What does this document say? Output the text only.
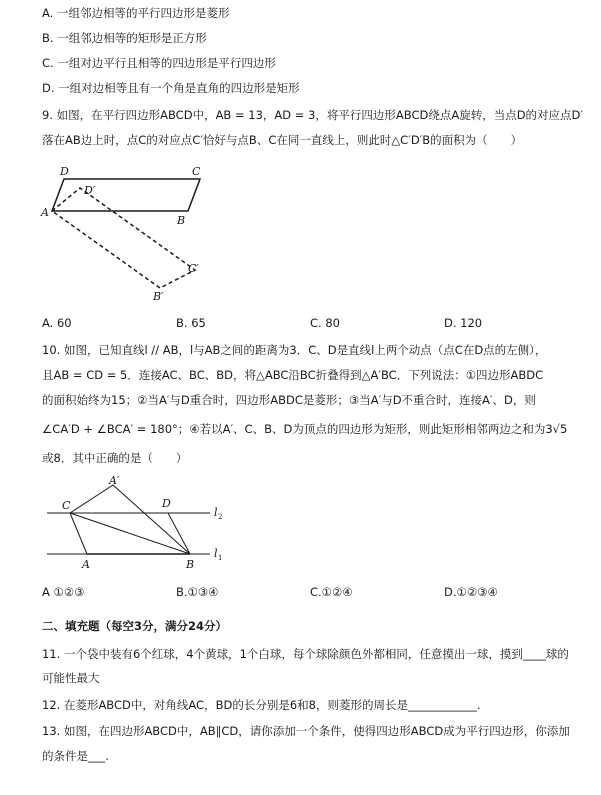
A. 一组邻边相等的平行四边形是菱形
B. 一组邻边相等的矩形是正方形
C. 一组对边平行且相等的四边形是平行四边形
D. 一组对边相等且有一个角是直角的四边形是矩形
9. 如图，在平行四边形ABCD中，AB = 13，AD = 3，将平行四边形ABCD绕点A旋转，当点D的对应点D′
落在AB边上时，点C的对应点C′恰好与点B、C在同一直线上，则此时△C′D′B的面积为（　　）
D	C
D′
A
B
C′
B′
A. 60	B. 65	C. 80	D. 120
10. 如图，已知直线l // AB，l与AB之间的距离为3．C、D是直线l上两个动点（点C在D点的左侧），
且AB = CD = 5．连接AC、BC、BD，将△ABC沿BC折叠得到△A′BC．下列说法：①四边形ABDC
的面积始终为15；②当A′与D重合时，四边形ABDC是菱形；③当A′与D不重合时，连接A′、D，则
∠CA′D + ∠BCA′ = 180°；④若以A′、C、B、D为顶点的四边形为矩形，则此矩形相邻两边之和为3√5
或8．其中正确的是（　　）
A′
C	D
l 2
A	B
l 1
A ①②③	B.①③④	C.①②④	D.①②③④
二、填充题（每空3分，满分24分）
11. 一个袋中装有6个红球，4个黄球，1个白球，每个球除颜色外都相同，任意摸出一球，摸到____球的
可能性最大
12. 在菱形ABCD中，对角线AC，BD的长分别是6和8，则菱形的周长是____________.
13. 如图，在四边形ABCD中，AB∥CD，请你添加一个条件，使得四边形ABCD成为平行四边形，你添加
的条件是___.
